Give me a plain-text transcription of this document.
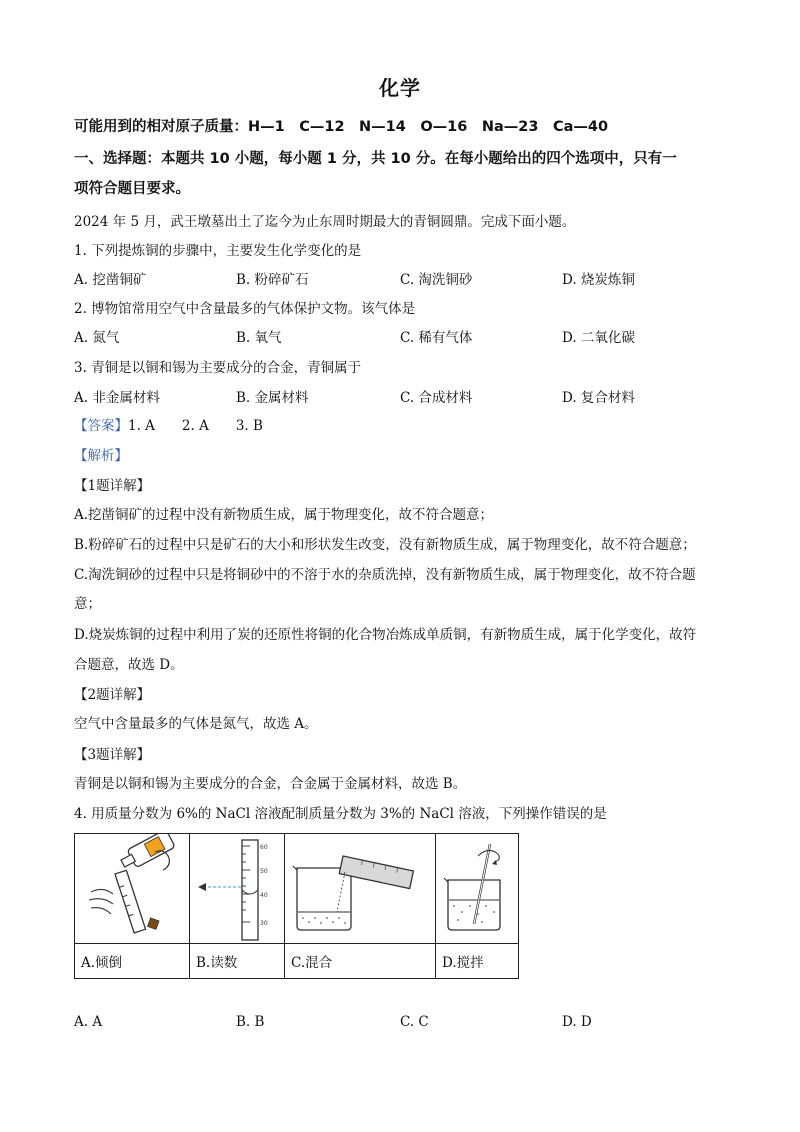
化学
可能用到的相对原子质量：H—1　C—12　N—14　O—16　Na—23　Ca—40
一、选择题：本题共 10 小题，每小题 1 分，共 10 分。在每小题给出的四个选项中，只有一
项符合题目要求。
2024 年 5 月，武王墩墓出土了迄今为止东周时期最大的青铜圆鼎。完成下面小题。
1. 下列提炼铜的步骤中，主要发生化学变化的是
A. 挖凿铜矿	B. 粉碎矿石	C. 淘洗铜砂	D. 烧炭炼铜
2. 博物馆常用空气中含量最多的气体保护文物。该气体是
A. 氮气	B. 氧气	C. 稀有气体	D. 二氧化碳
3. 青铜是以铜和锡为主要成分的合金，青铜属于
A. 非金属材料	B. 金属材料	C. 合成材料	D. 复合材料
【答案】1. A　　2. A　　3. B
【解析】
【1题详解】
A.挖凿铜矿的过程中没有新物质生成，属于物理变化，故不符合题意；
B.粉碎矿石的过程中只是矿石的大小和形状发生改变，没有新物质生成，属于物理变化，故不符合题意；
C.淘洗铜砂的过程中只是将铜砂中的不溶于水的杂质洗掉，没有新物质生成，属于物理变化，故不符合题
意；
D.烧炭炼铜的过程中利用了炭的还原性将铜的化合物冶炼成单质铜，有新物质生成，属于化学变化，故符
合题意，故选 D。
【2题详解】
空气中含量最多的气体是氮气，故选 A。
【3题详解】
青铜是以铜和锡为主要成分的合金，合金属于金属材料，故选 B。
4. 用质量分数为 6%的 NaCl 溶液配制质量分数为 3%的 NaCl 溶液，下列操作错误的是

60
50
40
30

A.倾倒	B.读数	C.混合	D.搅拌
A. A	B. B	C. C	D. D
